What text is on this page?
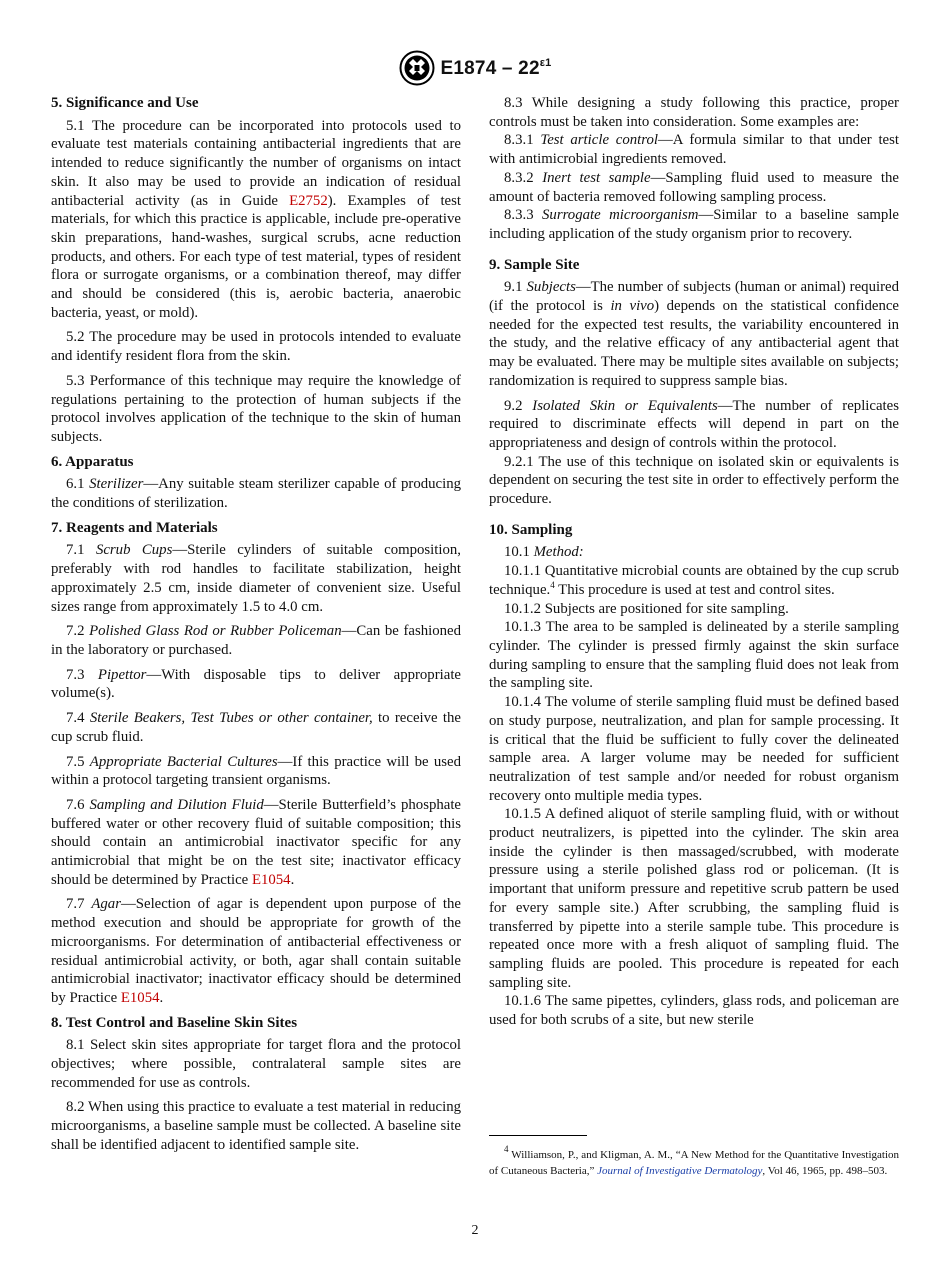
$E1874 - 22^{\varepsilon 1}$
5. Significance and Use

5.1 The procedure can be incorporated into protocols used to evaluate test materials containing antibacterial ingredients that are intended to reduce significantly the number of organisms on intact skin. It also may be used to provide an indication of residual antibacterial activity (as in Guide E2752). Examples of test materials, for which this practice is applicable, include pre-operative skin preparations, hand-washes, surgical scrubs, acne reduction products, and others. For each type of test material, types of resident flora or surrogate organisms, or a combination thereof, may differ and should be considered (this is, aerobic bacteria, anaerobic bacteria, yeast, or mold).

5.2 The procedure may be used in protocols intended to evaluate and identify resident flora from the skin.

5.3 Performance of this technique may require the knowledge of regulations pertaining to the protection of human subjects if the protocol involves application of the technique to the skin of human subjects.

6. Apparatus

6.1 Sterilizer—Any suitable steam sterilizer capable of producing the conditions of sterilization.

7. Reagents and Materials

7.1 Scrub Cups—Sterile cylinders of suitable composition, preferably with rod handles to facilitate stabilization, height approximately 2.5 cm, inside diameter of convenient size. Useful sizes range from approximately 1.5 to 4.0 cm.

7.2 Polished Glass Rod or Rubber Policeman—Can be fashioned in the laboratory or purchased.

7.3 Pipettor—With disposable tips to deliver appropriate volume(s).

7.4 Sterile Beakers, Test Tubes or other container, to receive the cup scrub fluid.

7.5 Appropriate Bacterial Cultures—If this practice will be used within a protocol targeting transient organisms.

7.6 Sampling and Dilution Fluid—Sterile Butterfield’s phosphate buffered water or other recovery fluid of suitable composition; this should contain an antimicrobial inactivator specific for any antimicrobial that might be on the test site; inactivator efficacy should be determined by Practice E1054.

7.7 Agar—Selection of agar is dependent upon purpose of the method execution and should be appropriate for growth of the microorganisms. For determination of antibacterial effectiveness or residual antimicrobial activity, or both, agar shall contain suitable antimicrobial inactivator; inactivator efficacy should be determined by Practice E1054.

8. Test Control and Baseline Skin Sites

8.1 Select skin sites appropriate for target flora and the protocol objectives; where possible, contralateral sample sites are recommended for use as controls.

8.2 When using this practice to evaluate a test material in reducing microorganisms, a baseline sample must be collected. A baseline site shall be identified adjacent to identified sample site.

8.3 While designing a study following this practice, proper controls must be taken into consideration. Some examples are:

8.3.1 Test article control—A formula similar to that under test with antimicrobial ingredients removed.

8.3.2 Inert test sample—Sampling fluid used to measure the amount of bacteria removed following sampling process.

8.3.3 Surrogate microorganism—Similar to a baseline sample including application of the study organism prior to recovery.

9. Sample Site

9.1 Subjects—The number of subjects (human or animal) required (if the protocol is in vivo) depends on the statistical confidence needed for the expected test results, the variability encountered in the study, and the relative efficacy of any antibacterial agent that may be evaluated. There may be multiple sites available on subjects; randomization is required to suppress sample bias.

9.2 Isolated Skin or Equivalents—The number of replicates required to discriminate effects will depend in part on the appropriateness and design of controls within the protocol.

9.2.1 The use of this technique on isolated skin or equivalents is dependent on securing the test site in order to effectively perform the procedure.

10. Sampling

10.1 Method:

10.1.1 Quantitative microbial counts are obtained by the cup scrub technique.$^4$ This procedure is used at test and control sites.

10.1.2 Subjects are positioned for site sampling.

10.1.3 The area to be sampled is delineated by a sterile sampling cylinder. The cylinder is pressed firmly against the skin surface during sampling to ensure that the sampling fluid does not leak from the sampling site.

10.1.4 The volume of sterile sampling fluid must be defined based on study purpose, neutralization, and plan for sample processing. It is critical that the fluid be sufficient to fully cover the delineated sample area. A larger volume may be needed for sufficient neutralization of test sample and/or needed for robust organism recovery onto multiple media types.

10.1.5 A defined aliquot of sterile sampling fluid, with or without product neutralizers, is pipetted into the cylinder. The skin area inside the cylinder is then massaged/scrubbed, with moderate pressure using a sterile polished glass rod or policeman. (It is important that uniform pressure and repetitive scrub pattern be used for every sample site.) After scrubbing, the sampling fluid is transferred by pipette into a sterile sample tube. This procedure is repeated once more with a fresh aliquot of sampling fluid. The sampling fluids are pooled. This procedure is repeated for each sampling site.

10.1.6 The same pipettes, cylinders, glass rods, and policeman are used for both scrubs of a site, but new sterile

$^4$ Williamson, P., and Kligman, A. M., “A New Method for the Quantitative Investigation of Cutaneous Bacteria,” Journal of Investigative Dermatology, Vol 46, 1965, pp. 498–503.
2
